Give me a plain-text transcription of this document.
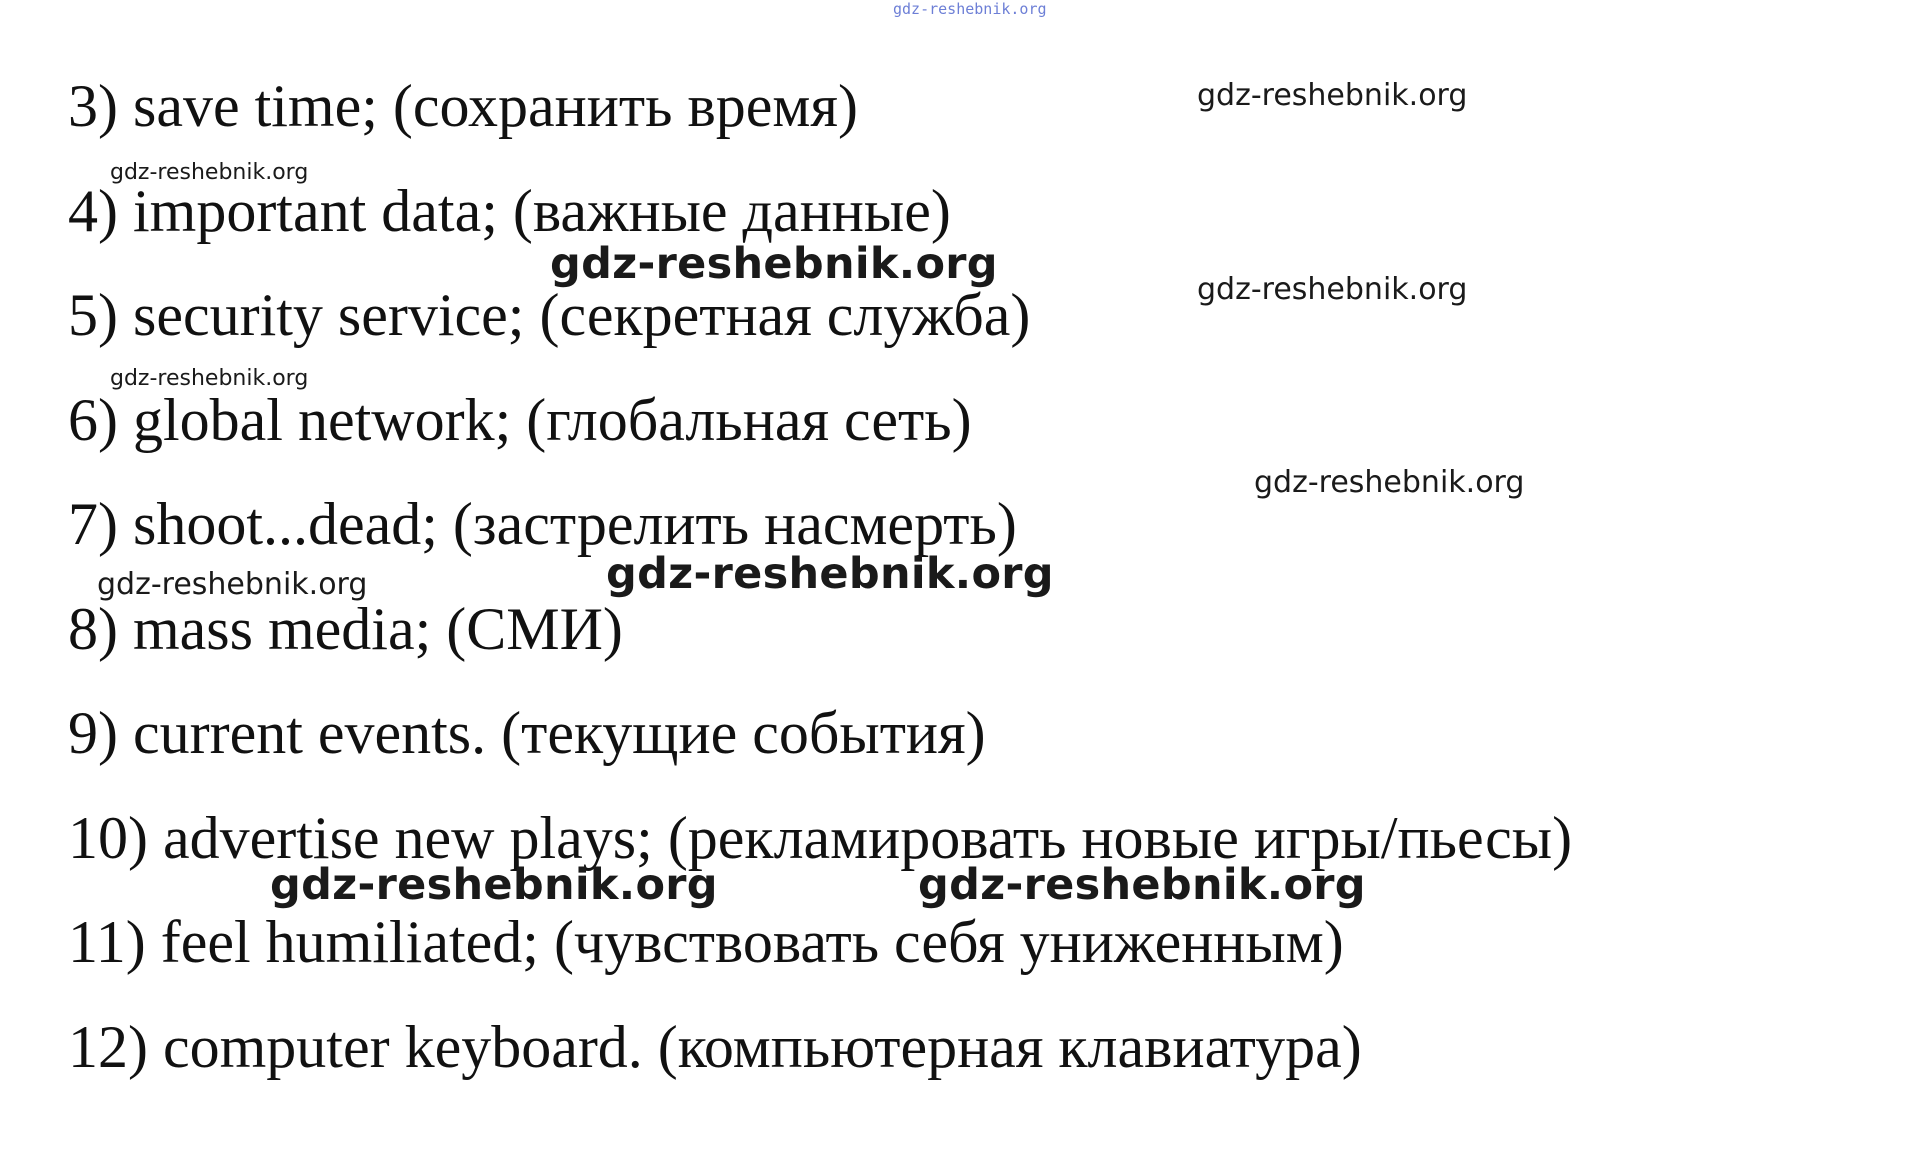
gdz-reshebnik.org
3) save time; (сохранить время)
4) important data; (важные данные)
5) security service; (секретная служба)
6) global network; (глобальная сеть)
7) shoot...dead; (застрелить насмерть)
8) mass media; (СМИ)
9) current events. (текущие события)
10) advertise new plays; (рекламировать новые игры/пьесы)
11) feel humiliated; (чувствовать себя униженным)
12) computer keyboard. (компьютерная клавиатура)
gdz-reshebnik.org
gdz-reshebnik.org
gdz-reshebnik.org
gdz-reshebnik.org
gdz-reshebnik.org
gdz-reshebnik.org
gdz-reshebnik.org
gdz-reshebnik.org
gdz-reshebnik.org	gdz-reshebnik.org
